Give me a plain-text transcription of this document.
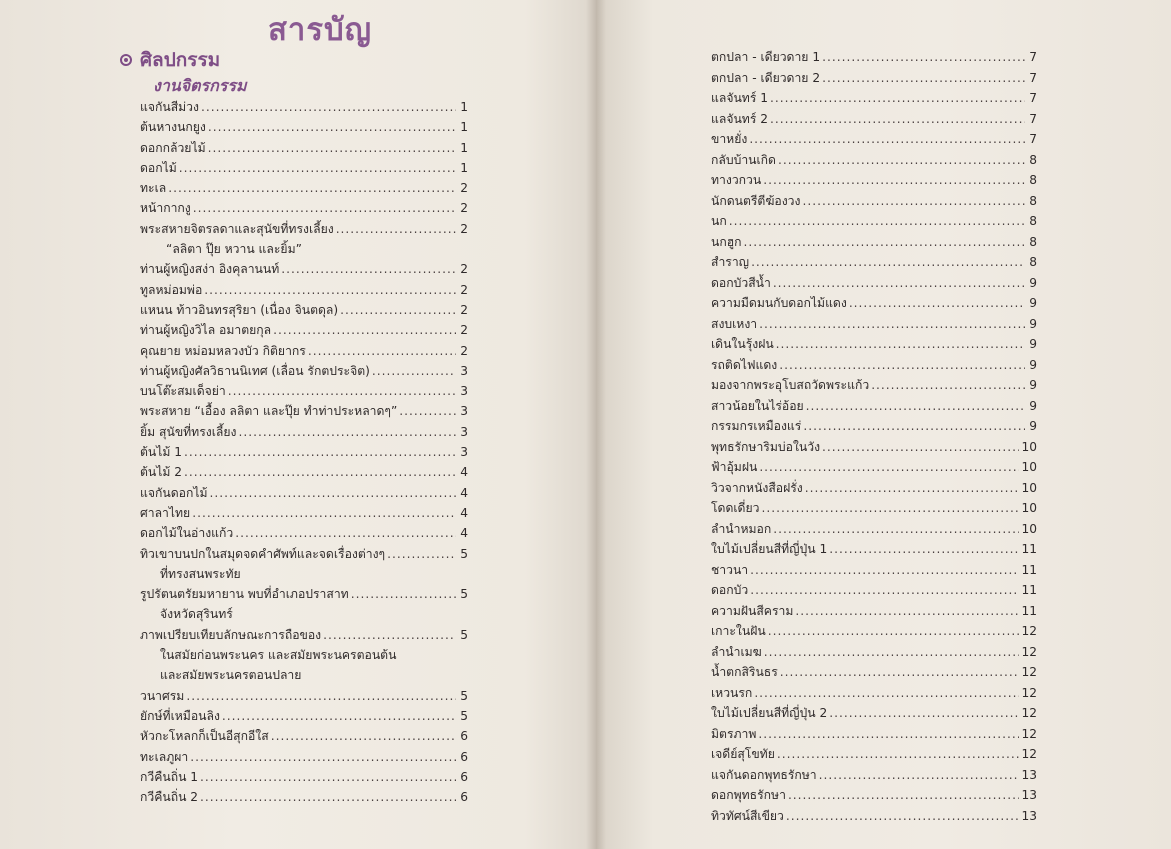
สารบัญ
ศิลปกรรม
งานจิตรกรรม
แจกันสีม่วง .....	1
ต้นหางนกยูง .....	1
ดอกกล้วยไม้ .....	1
ดอกไม้ .....	1
ทะเล .....	2
หน้ากากงู .....	2
พระสหายจิตรลดาและสุนัขที่ทรงเลี้ยง .....	2
“ลลิตา ปุ๊ย หวาน และยิ้ม”
ท่านผู้หญิงสง่า อิงคุลานนท์ .....	2
ทูลหม่อมพ่อ .....	2
แหนน ท้าวอินทรสุริยา (เนื่อง จินตดุล) .....	2
ท่านผู้หญิงวิไล อมาตยกุล .....	2
คุณยาย หม่อมหลวงบัว กิติยากร .....	2
ท่านผู้หญิงศัลวิธานนิเทศ (เลื่อน รักตประจิต) .....	3
บนโต๊ะสมเด็จย่า .....	3
พระสหาย “เอื้อง ลลิตา และปุ๊ย ทำท่าประหลาดๆ” .....	3
ยิ้ม สุนัขที่ทรงเลี้ยง .....	3
ต้นไม้ 1 .....	3
ต้นไม้ 2 .....	4
แจกันดอกไม้ .....	4
ศาลาไทย .....	4
ดอกไม้ในอ่างแก้ว .....	4
ทิวเขาบนปกในสมุดจดคำศัพท์และจดเรื่องต่างๆ .....	5
ที่ทรงสนพระทัย
รูปรัตนตรัยมหายาน พบที่อำเภอปราสาท .....	5
จังหวัดสุรินทร์
ภาพเปรียบเทียบลักษณะการถือของ .....	5
ในสมัยก่อนพระนคร และสมัยพระนครตอนต้น
และสมัยพระนครตอนปลาย
วนาศรม .....	5
ยักษ์ที่เหมือนลิง .....	5
หัวกะโหลกก็เป็นอีสุกอีใส .....	6
ทะเลภูผา .....	6
กวีคืนถิ่น 1 .....	6
กวีคืนถิ่น 2 .....	6
ตกปลา - เดียวดาย 1 .....	7
ตกปลา - เดียวดาย 2 .....	7
แลจันทร์ 1 .....	7
แลจันทร์ 2 .....	7
ขาหยั่ง .....	7
กลับบ้านเกิด .....	8
ทางวกวน .....	8
นักดนตรีตีฆ้องวง .....	8
นก .....	8
นกฮูก .....	8
สำราญ .....	8
ดอกบัวสีน้ำ .....	9
ความมืดมนกับดอกไม้แดง .....	9
สงบเหงา .....	9
เดินในรุ้งฝน .....	9
รถติดไฟแดง .....	9
มองจากพระอุโบสถวัดพระแก้ว .....	9
สาวน้อยในไร่อ้อย .....	9
กรรมกรเหมืองแร่ .....	9
พุทธรักษาริมบ่อในวัง .....	10
ฟ้าอุ้มฝน .....	10
วิวจากหนังสือฝรั่ง .....	10
โดดเดี่ยว .....	10
ลำนำหมอก .....	10
ใบไม้เปลี่ยนสีที่ญี่ปุ่น 1 .....	11
ชาวนา .....	11
ดอกบัว .....	11
ความฝันสีคราม .....	11
เกาะในฝัน .....	12
ลำนำเมฆ .....	12
น้ำตกสิรินธร .....	12
เหวนรก .....	12
ใบไม้เปลี่ยนสีที่ญี่ปุ่น 2 .....	12
มิตรภาพ .....	12
เจดีย์สุโขทัย .....	12
แจกันดอกพุทธรักษา .....	13
ดอกพุทธรักษา .....	13
ทิวทัศน์สีเขียว .....	13
